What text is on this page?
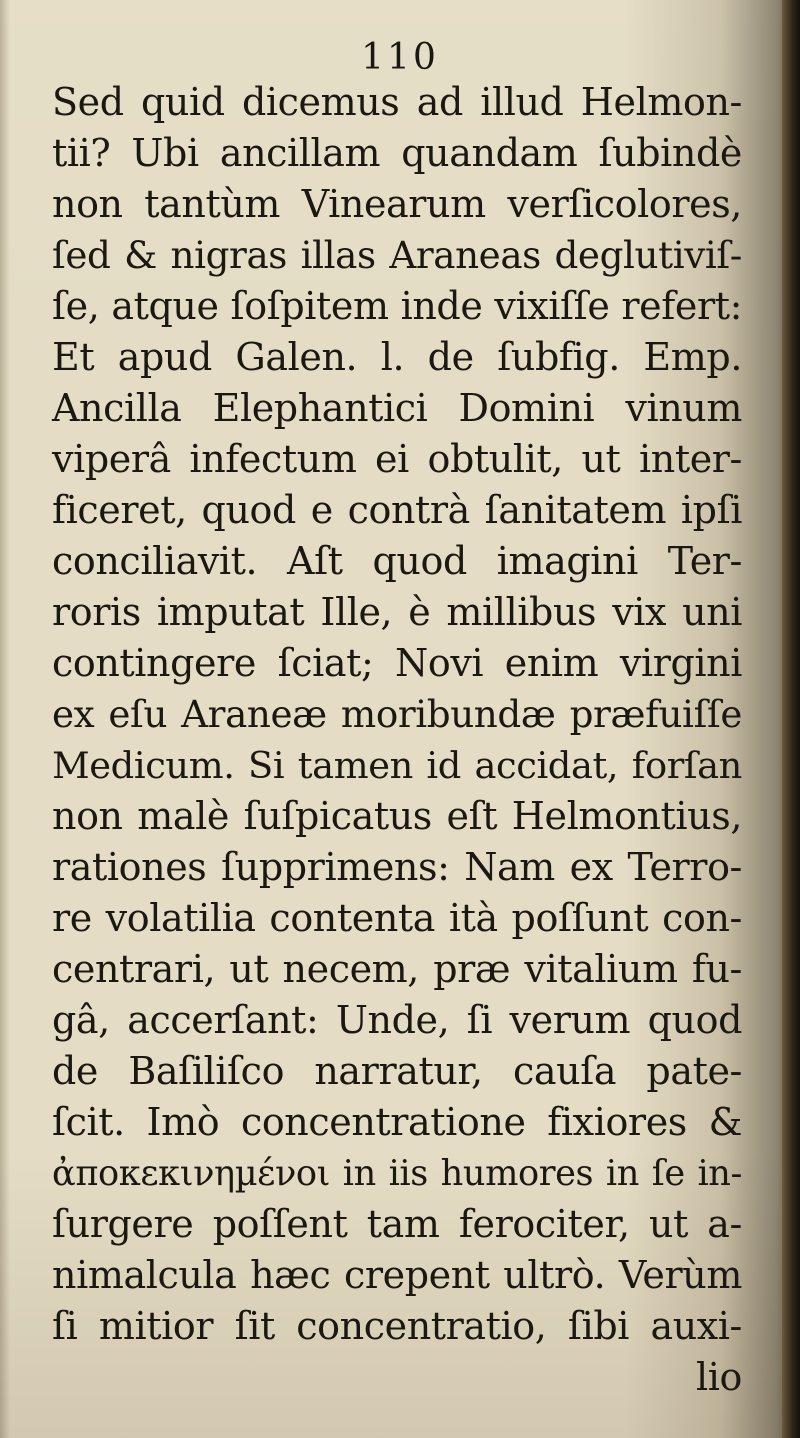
110
Sed quid dicemus ad illud Helmon-
tii? Ubi ancillam quandam ſubindè
non tantùm Vinearum verſicolores,
ſed & nigras illas Araneas deglutiviſ-
ſe, atque ſoſpitem inde vixiſſe refert:
Et apud Galen. l. de ſubfig. Emp.
Ancilla Elephantici Domini vinum
viperâ infectum ei obtulit, ut inter-
ficeret, quod e contrà ſanitatem ipſi
conciliavit. Aſt quod imagini Ter-
roris imputat Ille, è millibus vix uni
contingere ſciat; Novi enim virgini
ex eſu Araneæ moribundæ præfuiſſe
Medicum. Si tamen id accidat, forſan
non malè ſuſpicatus eſt Helmontius,
rationes ſupprimens: Nam ex Terro-
re volatilia contenta ità poſſunt con-
centrari, ut necem, præ vitalium fu-
gâ, accerſant: Unde, ſi verum quod
de Baſiliſco narratur, cauſa pate-
ſcit. Imò concentratione fixiores &
ἀποκεκινηµένοι in iis humores in ſe in-
ſurgere poſſent tam ferociter, ut a-
nimalcula hæc crepent ultrò. Verùm
ſi mitior ſit concentratio, ſibi auxi-
lio
